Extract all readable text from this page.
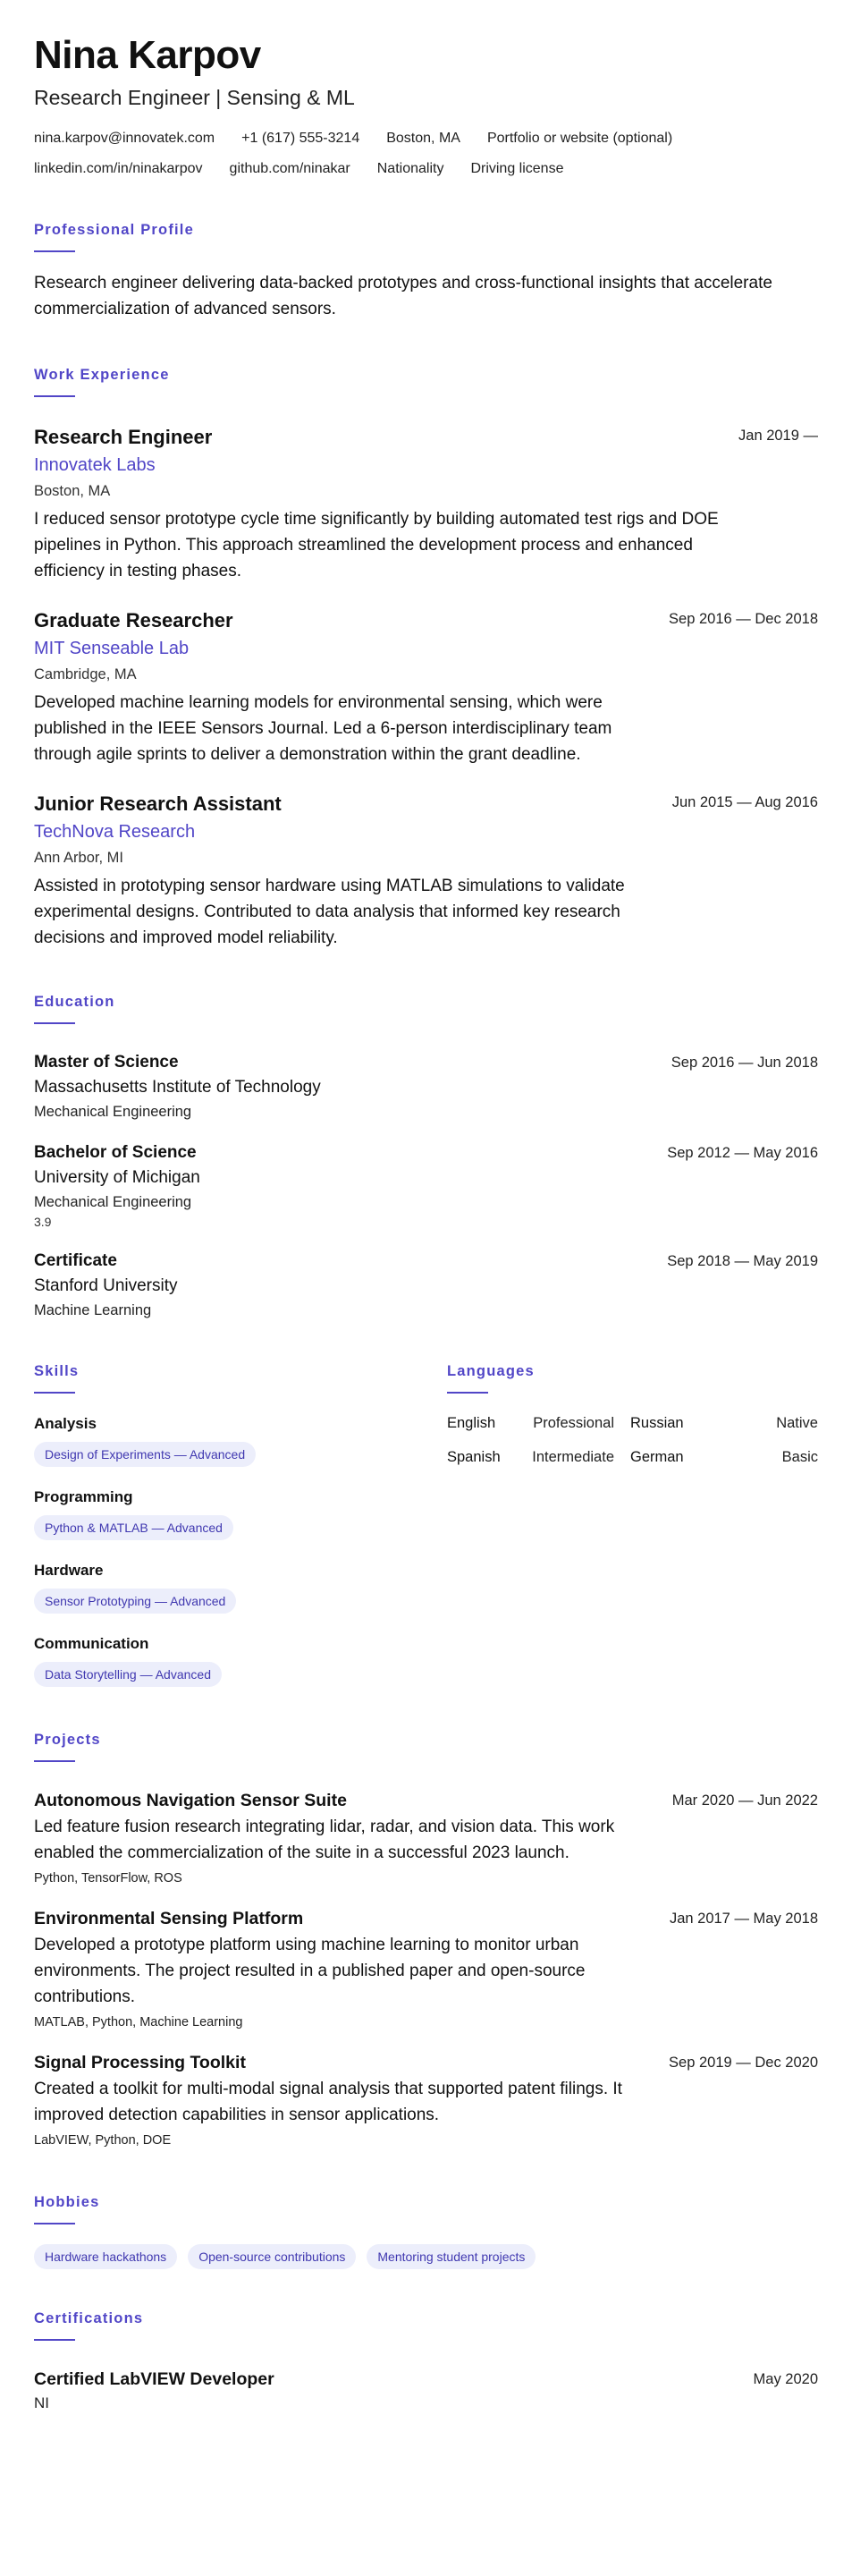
Nina Karpov
Research Engineer | Sensing & ML
nina.karpov@innovatek.com +1 (617) 555-3214 Boston, MA Portfolio or website (optional)
linkedin.com/in/ninakarpov github.com/ninakar Nationality Driving license
Professional Profile
Research engineer delivering data-backed prototypes and cross-functional insights that accelerate commercialization of advanced sensors.
Work Experience
Research Engineer
Innovatek Labs
Boston, MA
I reduced sensor prototype cycle time significantly by building automated test rigs and DOE pipelines in Python. This approach streamlined the development process and enhanced efficiency in testing phases.
Jan 2019 —
Graduate Researcher
MIT Senseable Lab
Cambridge, MA
Developed machine learning models for environmental sensing, which were published in the IEEE Sensors Journal. Led a 6-person interdisciplinary team through agile sprints to deliver a demonstration within the grant deadline.
Sep 2016 — Dec 2018
Junior Research Assistant
TechNova Research
Ann Arbor, MI
Assisted in prototyping sensor hardware using MATLAB simulations to validate experimental designs. Contributed to data analysis that informed key research decisions and improved model reliability.
Jun 2015 — Aug 2016
Education
Master of Science
Massachusetts Institute of Technology
Mechanical Engineering
Sep 2016 — Jun 2018
Bachelor of Science
University of Michigan
Mechanical Engineering
3.9
Sep 2012 — May 2016
Certificate
Stanford University
Machine Learning
Sep 2018 — May 2019
Skills
Analysis
Design of Experiments — Advanced
Programming
Python & MATLAB — Advanced
Hardware
Sensor Prototyping — Advanced
Communication
Data Storytelling — Advanced
Languages
English	Professional Russian	Native
Spanish Intermediate German	Basic
Projects
Autonomous Navigation Sensor Suite
Led feature fusion research integrating lidar, radar, and vision data. This work enabled the commercialization of the suite in a successful 2023 launch.
Python, TensorFlow, ROS
Mar 2020 — Jun 2022
Environmental Sensing Platform
Developed a prototype platform using machine learning to monitor urban environments. The project resulted in a published paper and open-source contributions.
MATLAB, Python, Machine Learning
Jan 2017 — May 2018
Signal Processing Toolkit
Created a toolkit for multi-modal signal analysis that supported patent filings. It improved detection capabilities in sensor applications.
LabVIEW, Python, DOE
Sep 2019 — Dec 2020
Hobbies
Hardware hackathons	Open-source contributions	Mentoring student projects
Certifications
Certified LabVIEW Developer
NI
May 2020
